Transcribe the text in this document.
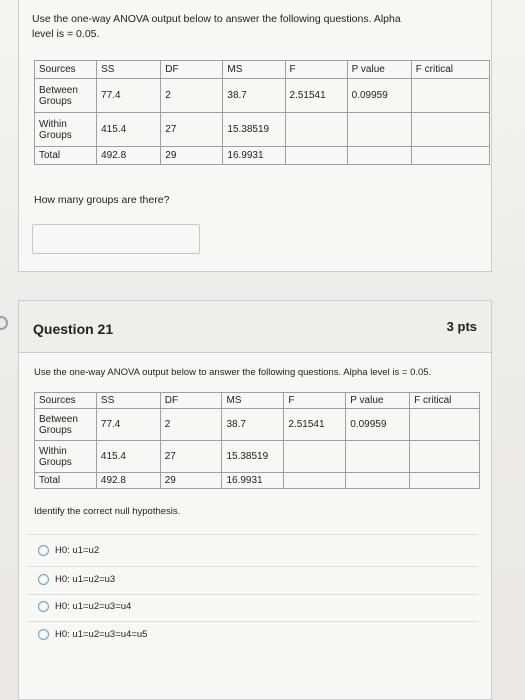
Use the one-way ANOVA output below to answer the following questions. Alpha
level is = 0.05.
Sources	SS	DF	MS	F	P value	F critical
Between Groups	77.4	2	38.7	2.51541	0.09959	
Within Groups	415.4	27	15.38519			
Total	492.8	29	16.9931			
How many groups are there?
Question 21	3 pts
Use the one-way ANOVA output below to answer the following questions. Alpha level is = 0.05.
Sources	SS	DF	MS	F	P value	F critical
Between Groups	77.4	2	38.7	2.51541	0.09959	
Within Groups	415.4	27	15.38519			
Total	492.8	29	16.9931			
Identify the correct null hypothesis.
H0: u1=u2
H0: u1=u2=u3
H0: u1=u2=u3=u4
H0: u1=u2=u3=u4=u5
